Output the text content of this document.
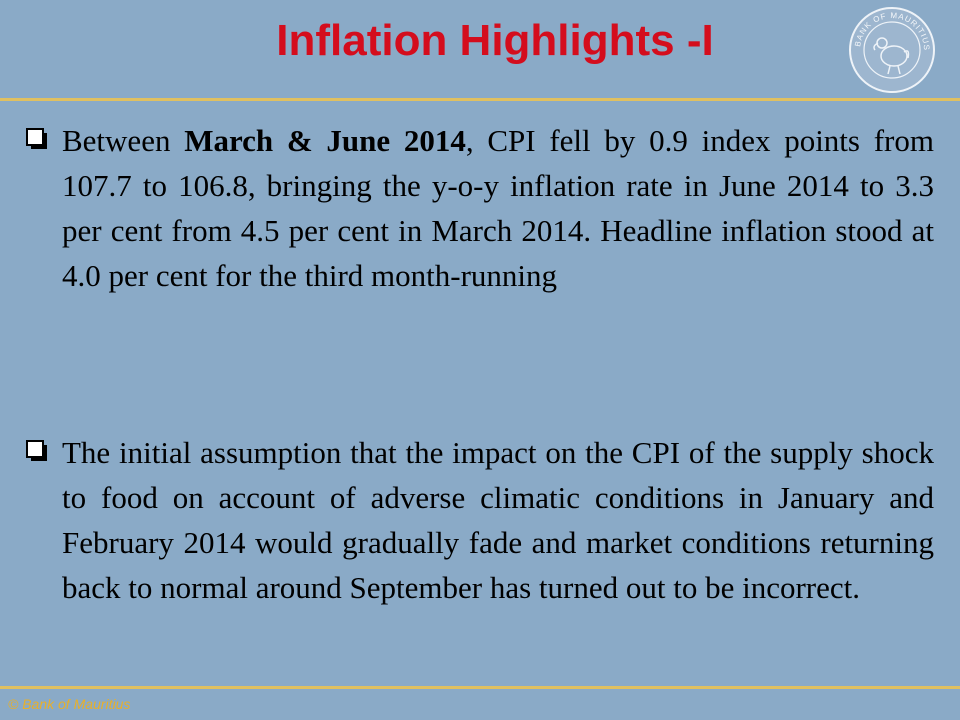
Inflation Highlights -I	BANK OF MAURITIUS
Between March & June 2014, CPI fell by 0.9 index points from 107.7 to 106.8, bringing the y-o-y inflation rate in June 2014 to 3.3 per cent from 4.5 per cent in March 2014. Headline inflation stood at 4.0 per cent for the third month-running
The initial assumption that the impact on the CPI of the supply shock to food on account of adverse climatic conditions in January and February 2014 would gradually fade and market conditions returning back to normal around September has turned out to be incorrect.
© Bank of Mauritius
